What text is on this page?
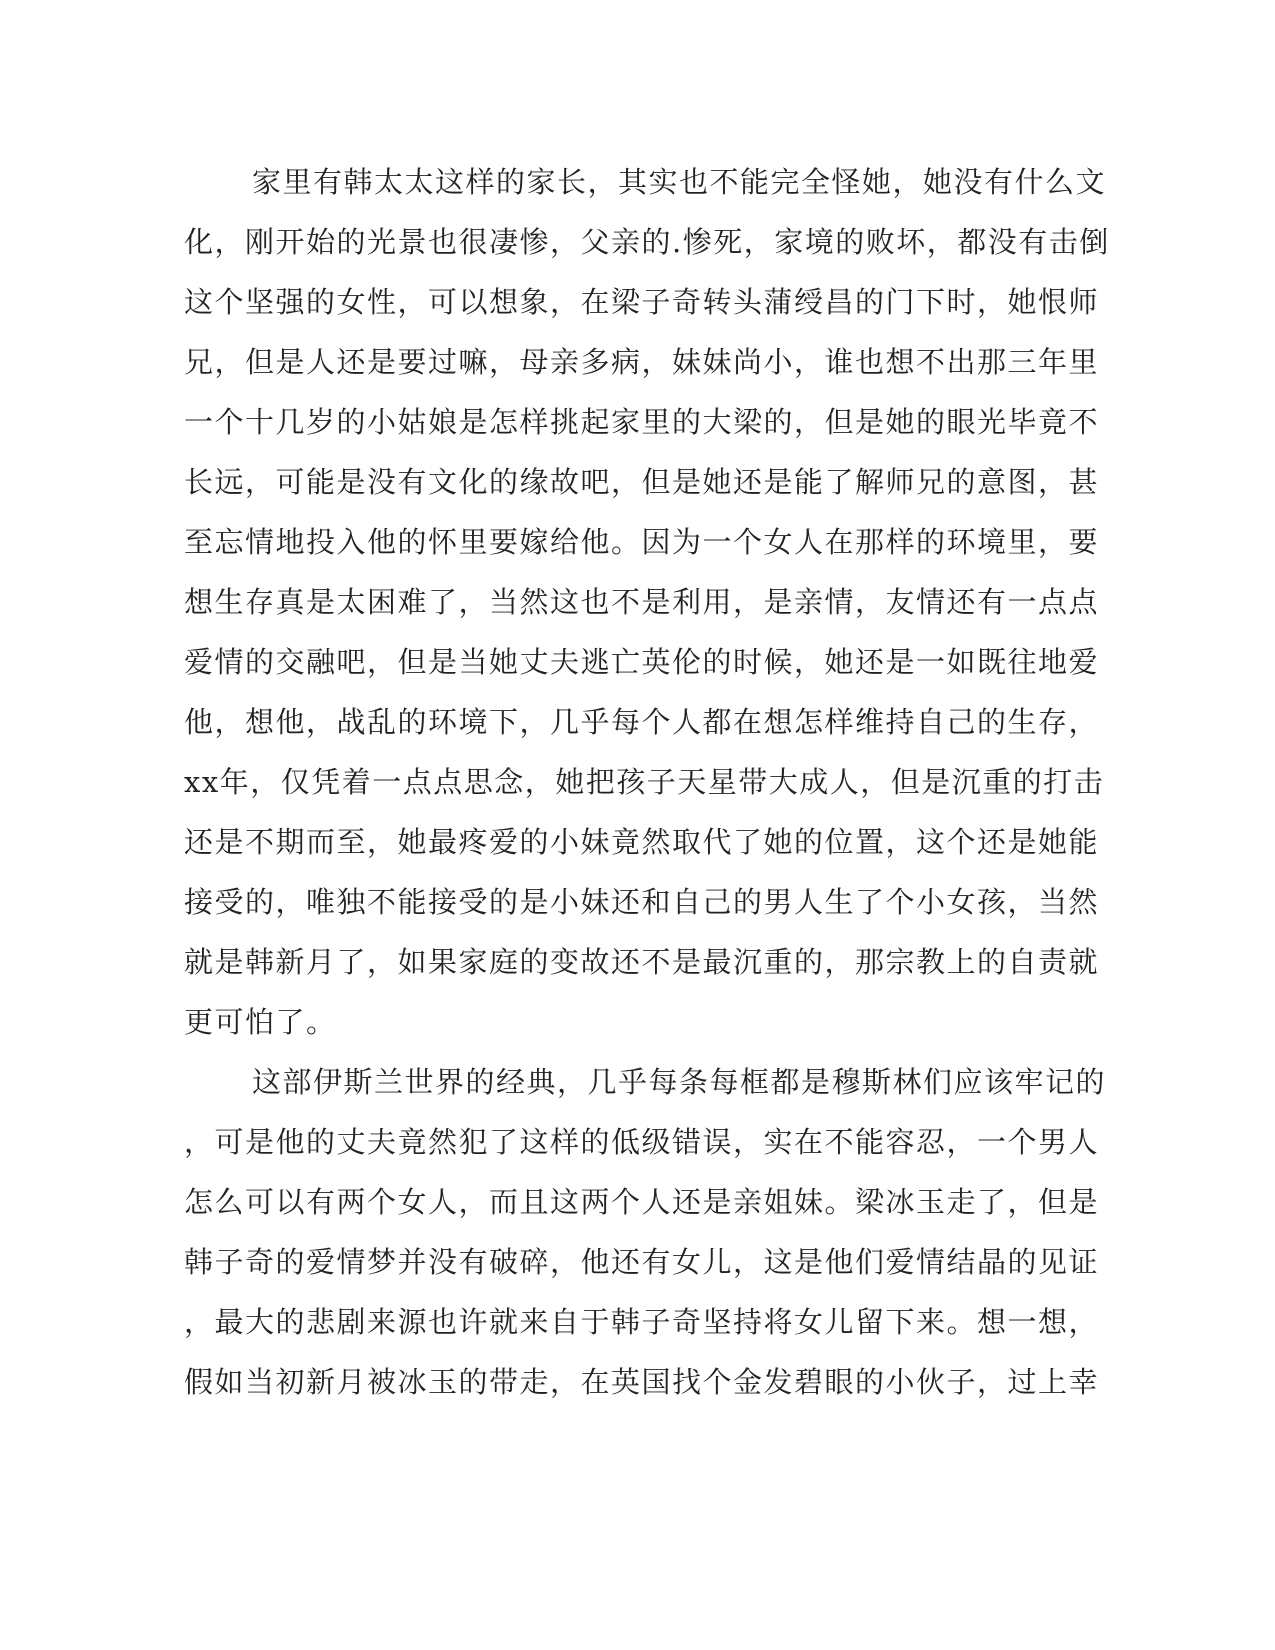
家里有韩太太这样的家长，其实也不能完全怪她，她没有什么文
化，刚开始的光景也很凄惨，父亲的.惨死，家境的败坏，都没有击倒
这个坚强的女性，可以想象，在梁子奇转头蒲绶昌的门下时，她恨师
兄，但是人还是要过嘛，母亲多病，妹妹尚小，谁也想不出那三年里
一个十几岁的小姑娘是怎样挑起家里的大梁的，但是她的眼光毕竟不
长远，可能是没有文化的缘故吧，但是她还是能了解师兄的意图，甚
至忘情地投入他的怀里要嫁给他。因为一个女人在那样的环境里，要
想生存真是太困难了，当然这也不是利用，是亲情，友情还有一点点
爱情的交融吧，但是当她丈夫逃亡英伦的时候，她还是一如既往地爱
他，想他，战乱的环境下，几乎每个人都在想怎样维持自己的生存，
xx年，仅凭着一点点思念，她把孩子天星带大成人，但是沉重的打击
还是不期而至，她最疼爱的小妹竟然取代了她的位置，这个还是她能
接受的，唯独不能接受的是小妹还和自己的男人生了个小女孩，当然
就是韩新月了，如果家庭的变故还不是最沉重的，那宗教上的自责就
更可怕了。
这部伊斯兰世界的经典，几乎每条每框都是穆斯林们应该牢记的
，可是他的丈夫竟然犯了这样的低级错误，实在不能容忍，一个男人
怎么可以有两个女人，而且这两个人还是亲姐妹。梁冰玉走了，但是
韩子奇的爱情梦并没有破碎，他还有女儿，这是他们爱情结晶的见证
，最大的悲剧来源也许就来自于韩子奇坚持将女儿留下来。想一想，
假如当初新月被冰玉的带走，在英国找个金发碧眼的小伙子，过上幸
